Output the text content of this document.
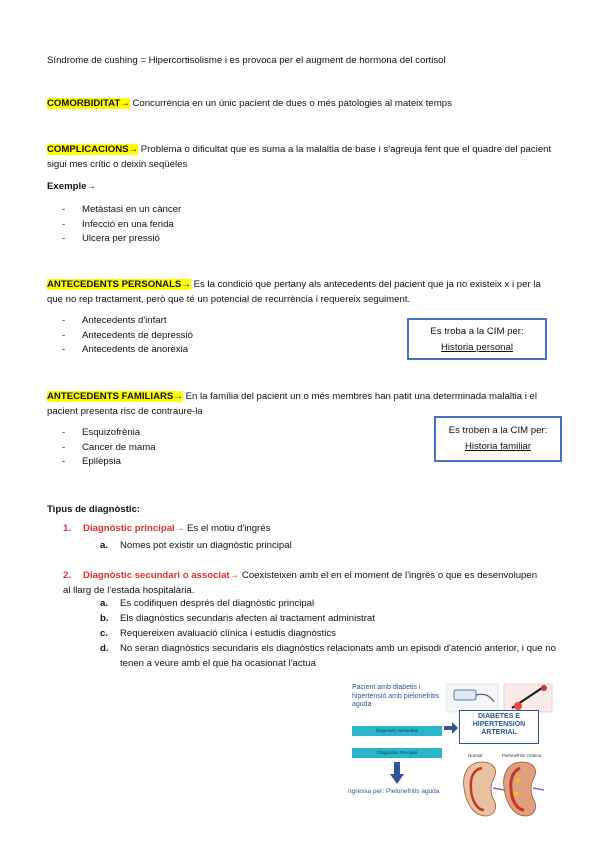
Síndrome de cushing = Hipercortisolisme i es provoca per el augment de hormona del cortisol

COMORBIDITAT→ Concurrència en un únic pacient de dues o més patologies al mateix temps

COMPLICACIONS→ Problema o dificultat que es suma a la malaltia de base i s'agreuja fent que el quadre del pacient sigui mes crític o deixin seqüeles

Exemple→

-	Metàstasi en un càncer
-	Infecció en una ferida
-	Ulcera per pressió

ANTECEDENTS PERSONALS→ Es la condició que pertany als antecedents del pacient que ja no existeix x i per la que no rep tractament, però que té un potencial de recurrència i requereix seguiment.

-	Antecedents d'infart
-	Antecedents de depressió
-	Antecedents de anorèxia
Es troba a la CIM per:
Historia personal

ANTECEDENTS FAMILIARS→ En la família del pacient un o més membres han patit una determinada malaltia i el pacient presenta risc de contraure-la

-	Esquizofrènia
-	Cancer de mama
-	Epilèpsia
Es troben a la CIM per:
Historia familiar

Tipus de diagnòstic:

1. Diagnòstic principal→ Es el motiu d'ingrés

a. Nomes pot existir un diagnòstic principal

2. Diagnòstic secundari o associat→ Coexisteixen amb el en el moment de l'ingrés o que es desenvolupen al llarg de l'estada hospitalària.

a. Es codifiquen després del diagnòstic principal

b. Els diagnòstics secundaris afecten al tractament administrat

c. Requereixen avaluació clínica i estudis diagnòstics

d. No seran diagnòstics secundaris els diagnòstics relacionats amb un episodi d'atenció anterior, i que no tenen a veure amb el que ha ocasionat l'actua

Pacient amb diabetis i hipertensió amb pielonefritis aguda
Diagnòstic Secundari
Diagnòstic Principal
DIABETES E HIPERTENSION ARTERIAL
ngressa per: Pielonefritis aguda
Normal	Pielonefritis crónica
